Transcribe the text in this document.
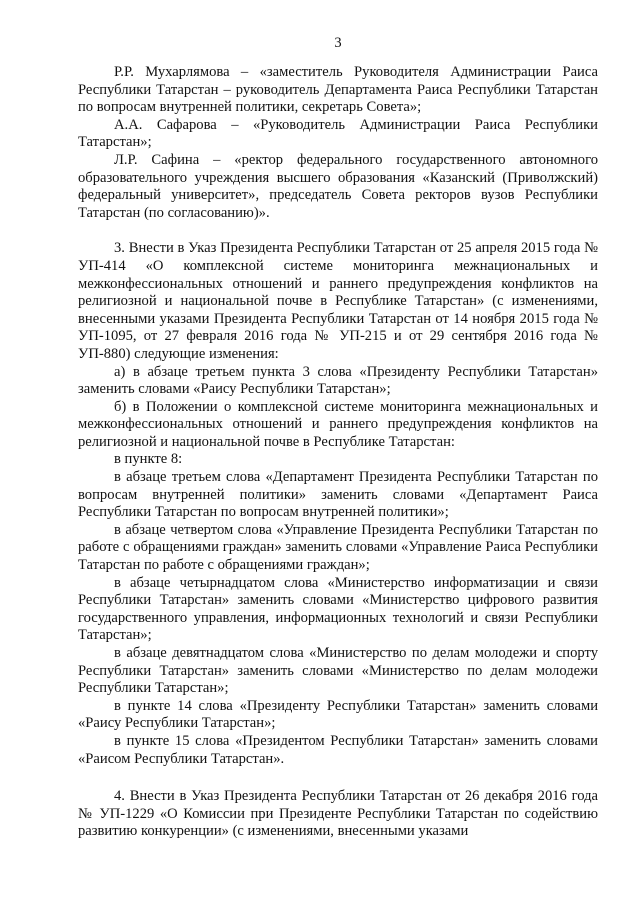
3

Р.Р. Мухарлямова – «заместитель Руководителя Администрации Раиса Республики Татарстан – руководитель Департамента Раиса Республики Татарстан по вопросам внутренней политики, секретарь Совета»;

А.А. Сафарова – «Руководитель Администрации Раиса Республики Татарстан»;

Л.Р. Сафина – «ректор федерального государственного автономного образовательного учреждения высшего образования «Казанский (Приволжский) федеральный университет», председатель Совета ректоров вузов Республики Татарстан (по согласованию)».

3. Внести в Указ Президента Республики Татарстан от 25 апреля 2015 года № УП-414 «О комплексной системе мониторинга межнациональных и межконфессиональных отношений и раннего предупреждения конфликтов на религиозной и национальной почве в Республике Татарстан» (с изменениями, внесенными указами Президента Республики Татарстан от 14 ноября 2015 года № УП-1095, от 27 февраля 2016 года № УП-215 и от 29 сентября 2016 года № УП-880) следующие изменения:

а) в абзаце третьем пункта 3 слова «Президенту Республики Татарстан» заменить словами «Раису Республики Татарстан»;

б) в Положении о комплексной системе мониторинга межнациональных и межконфессиональных отношений и раннего предупреждения конфликтов на религиозной и национальной почве в Республике Татарстан:

в пункте 8:

в абзаце третьем слова «Департамент Президента Республики Татарстан по вопросам внутренней политики» заменить словами «Департамент Раиса Республики Татарстан по вопросам внутренней политики»;

в абзаце четвертом слова «Управление Президента Республики Татарстан по работе с обращениями граждан» заменить словами «Управление Раиса Республики Татарстан по работе с обращениями граждан»;

в абзаце четырнадцатом слова «Министерство информатизации и связи Республики Татарстан» заменить словами «Министерство цифрового развития государственного управления, информационных технологий и связи Республики Татарстан»;

в абзаце девятнадцатом слова «Министерство по делам молодежи и спорту Республики Татарстан» заменить словами «Министерство по делам молодежи Республики Татарстан»;

в пункте 14 слова «Президенту Республики Татарстан» заменить словами «Раису Республики Татарстан»;

в пункте 15 слова «Президентом Республики Татарстан» заменить словами «Раисом Республики Татарстан».

4. Внести в Указ Президента Республики Татарстан от 26 декабря 2016 года № УП-1229 «О Комиссии при Президенте Республики Татарстан по содействию развитию конкуренции» (с изменениями, внесенными указами
